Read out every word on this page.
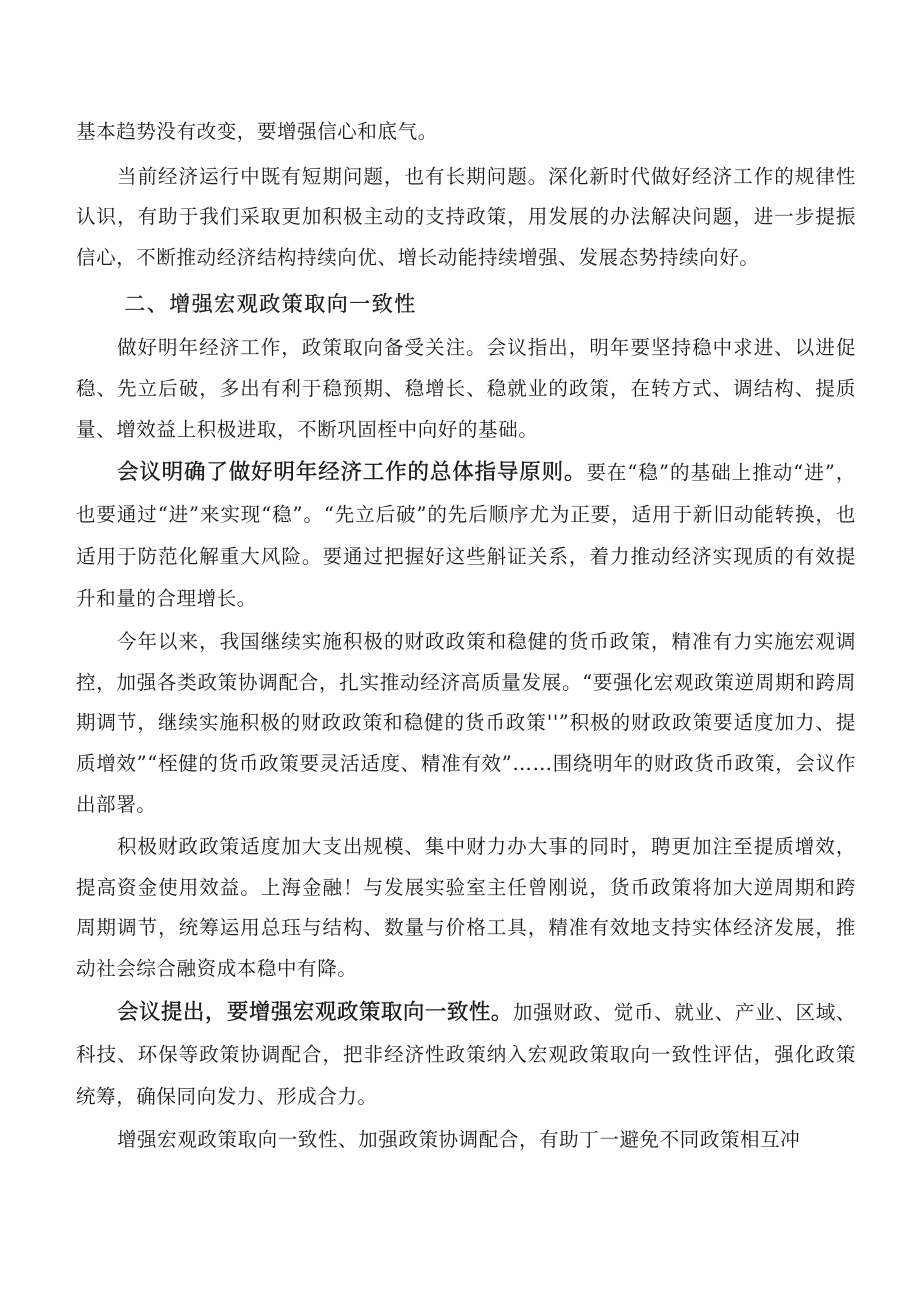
基本趋势没有改变，要增强信心和底气。

当前经济运行中既有短期问题，也有长期问题。深化新时代做好经济工作的规律性认识，有助于我们采取更加积极主动的支持政策，用发展的办法解决问题，进一步提振信心，不断推动经济结构持续向优、增长动能持续增强、发展态势持续向好。

二、增强宏观政策取向一致性

做好明年经济工作，政策取向备受关注。会议指出，明年要坚持稳中求进、以进促稳、先立后破，多出有利于稳预期、稳增长、稳就业的政策，在转方式、调结构、提质量、增效益上积极进取，不断巩固桎中向好的基础。

会议明确了做好明年经济工作的总体指导原则。要在“稳”的基础上推动“进”，也要通过“进”来实现“稳”。“先立后破”的先后顺序尤为正要，适用于新旧动能转换，也适用于防范化解重大风险。要通过把握好这些斛证关系，着力推动经济实现质的有效提升和量的合理增长。

今年以来，我国继续实施积极的财政政策和稳健的货币政策，精准有力实施宏观调控，加强各类政策协调配合，扎实推动经济高质量发展。“要强化宏观政策逆周期和跨周期调节，继续实施积极的财政政策和稳健的货币政策''”积极的财政政策要适度加力、提质增效”“桎健的货币政策要灵活适度、精准有效”……围绕明年的财政货币政策，会议作出部署。

积极财政政策适度加大支出规模、集中财力办大事的同时，聘更加注至提质增效，提高资金使用效益。上海金融！与发展实验室主任曾刚说，货币政策将加大逆周期和跨周期调节，统筹运用总珏与结构、数量与价格工具，精准有效地支持实体经济发展，推动社会综合融资成本稳中有降。

会议提出，要增强宏观政策取向一致性。加强财政、觉币、就业、产业、区域、科技、环保等政策协调配合，把非经济性政策纳入宏观政策取向一致性评估，强化政策统筹，确保同向发力、形成合力。

增强宏观政策取向一致性、加强政策协调配合，有助丁一避免不同政策相互冲
